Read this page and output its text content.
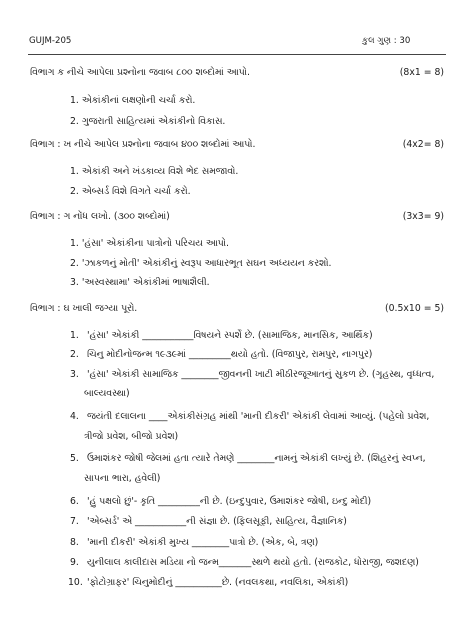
GUJM-205	કુલ ગુણ : 30
વિભાગ ક નીચે આપેલા પ્રશ્નોના જવાબ ૮૦૦ શબ્દોમાં આપો.	(8x1 = 8)
1. એકાંકીનાં લક્ષણોની ચર્ચા કરો.
2. ગુજરાતી સાહિત્યમાં એકાંકીનો વિકાસ.
વિભાગ : ખ નીચે આપેલ પ્રશ્નોના જવાબ ૪૦૦ શબ્દોમાં આપો.	(4x2= 8)
1. એકાંકી અને ખંડકાવ્ય વિશે ભેદ સમજાવો.
2. એબ્સર્ડ વિશે વિગતે ચર્ચા કરો.
વિભાગ : ગ નોંધ લખો. (૩૦૦ શબ્દોમાં)	(3x3= 9)
1. 'હંસા' એકાંકીના પાત્રોનો પરિચય આપો.
2. 'ઝાકળનું મોતી' એકાંકીનું સ્વરૂપ આધારભૂત સઘન અધ્યયન કરશો.
3. 'અસ્વસ્થામા' એકાંકીમાં ભાષાશૈલી.
વિભાગ : ઘ ખાલી જગ્યા પૂરો.	(0.5x10 = 5)
1. 'હંસા' એકાંકી ___________વિષયને સ્પર્શે છે. (સામાજિક, માનસિક, આર્થિક)
2. ચિનુ મોદીનોજન્મ ૧૯૩૯માં _________થયો હતો. (વિજાપુર, રામપુર, નાગપુર)
3. 'હંસા' એકાંકી સામાજિક ________જીવનની ખાટી મીઠીરજૂઆતનું સુકળ છે. (ગૃહસ્થ, વૃધ્ધત્વ,
બાલ્યવસ્થા)
4. જયંતી દલાલના ____એકાંકીસંગ્રહ માંથી 'માની દીકરી' એકાંકી લેવામાં આવ્યું. (પહેલો પ્રવેશ,
ત્રીજો પ્રવેશ, બીજો પ્રવેશ)
5. ઉમાશંકર જોષી જેલમાં હતા ત્યારે તેમણે ________નામનું એકાંકી લખ્યું છે. (શિહરનું સ્વપ્ન,
સાપના ભારા, હવેલી)
6. 'હું પક્ષલો છું'- કૃતિ _________ની છે. (ઇન્દુપુવાર, ઉમાશંકર જોષી, ઇન્દુ મોદી)
7. 'એબ્સર્ડ' એ ___________ની સંજ્ઞા છે. (ફિલસૂફી, સાહિત્ય, વૈજ્ઞાનિક)
8. 'માની દીકરી' એકાંકી મુખ્ય ________પાત્રો છે. (એક, બે, ત્રણ)
9. યુનીલાલ કાલીદાસ મડિયા નો જન્મ_______સ્થળે થયો હતો. (રાજકોટ, ધોરાજી, જશદણ)
10. 'ફોટોગ્રાફર' ચિનુમોદીનું __________છે. (નવલકથા, નવલિકા, એકાંકી)
